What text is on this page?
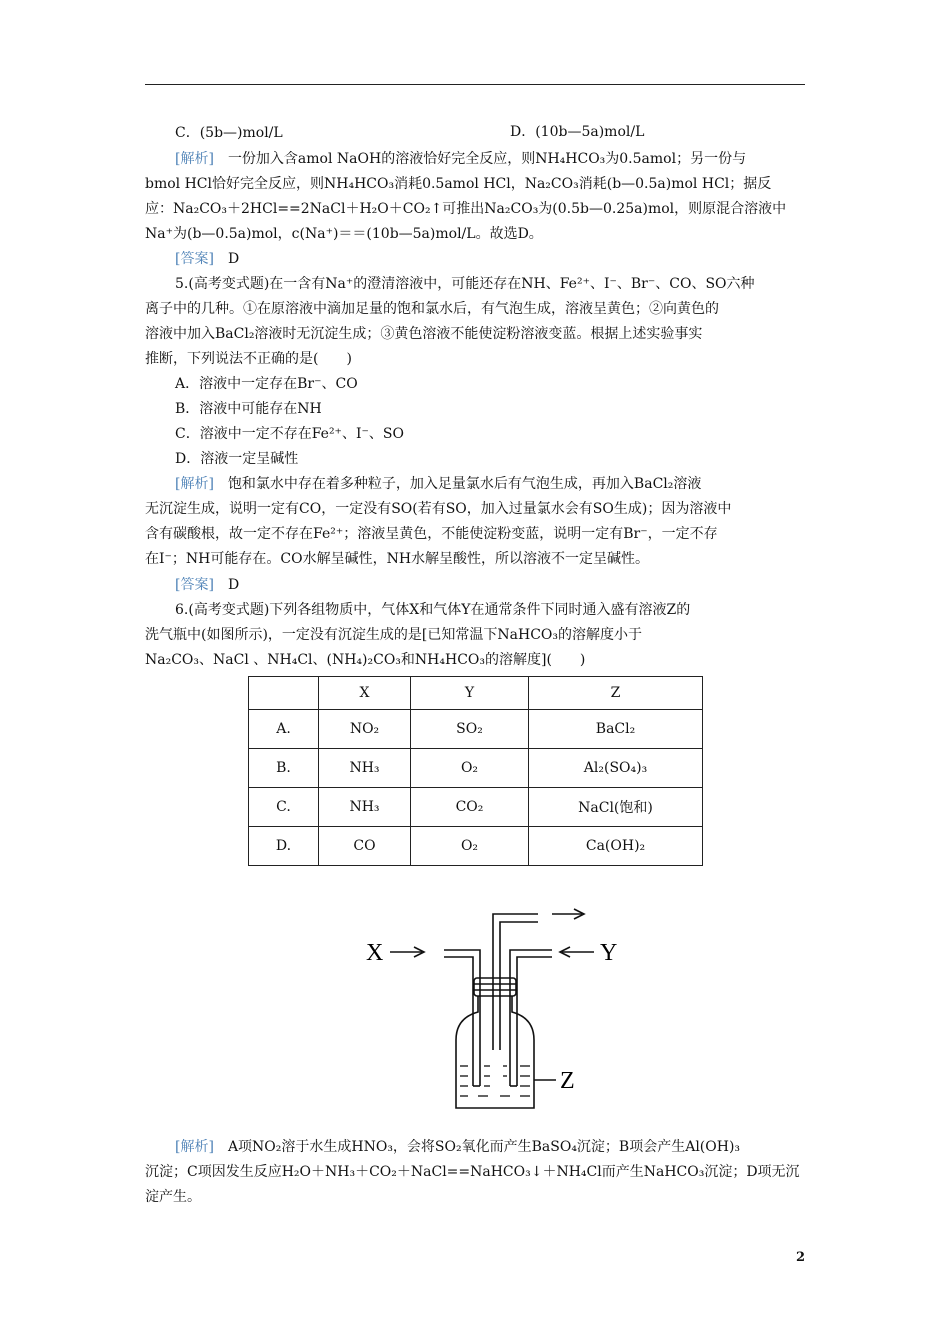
C．(5b—)mol/L	D．(10b—5a)mol/L
[解析]　 一份加入含amol NaOH的溶液恰好完全反应，则NH₄HCO₃为0.5amol；另一份与
bmol HCl恰好完全反应，则NH₄HCO₃消耗0.5amol HCl，Na₂CO₃消耗(b—0.5a)mol HCl；据反
应：Na₂CO₃＋2HCl==2NaCl＋H₂O＋CO₂↑可推出Na₂CO₃为(0.5b—0.25a)mol，则原混合溶液中
Na⁺为(b—0.5a)mol，c(Na⁺)＝＝(10b—5a)mol/L。故选D。
[答案]　 D
5.(高考变式题)在一含有Na⁺的澄清溶液中，可能还存在NH、Fe²⁺、I⁻、Br⁻、CO、SO六种
离子中的几种。①在原溶液中滴加足量的饱和氯水后，有气泡生成，溶液呈黄色；②向黄色的
溶液中加入BaCl₂溶液时无沉淀生成；③黄色溶液不能使淀粉溶液变蓝。根据上述实验事实
推断，下列说法不正确的是(　　)
A．溶液中一定存在Br⁻、CO
B．溶液中可能存在NH
C．溶液中一定不存在Fe²⁺、I⁻、SO
D．溶液一定呈碱性
[解析]　 饱和氯水中存在着多种粒子，加入足量氯水后有气泡生成，再加入BaCl₂溶液
无沉淀生成，说明一定有CO，一定没有SO(若有SO，加入过量氯水会有SO生成)；因为溶液中
含有碳酸根，故一定不存在Fe²⁺；溶液呈黄色，不能使淀粉变蓝，说明一定有Br⁻，一定不存
在I⁻；NH可能存在。CO水解呈碱性，NH水解呈酸性，所以溶液不一定呈碱性。
[答案]　 D
6.(高考变式题)下列各组物质中，气体X和气体Y在通常条件下同时通入盛有溶液Z的
洗气瓶中(如图所示)，一定没有沉淀生成的是[已知常温下NaHCO₃的溶解度小于
Na₂CO₃、NaCl 、NH₄Cl、(NH₄)₂CO₃和NH₄HCO₃的溶解度](　　)
	X	Y	Z
A.	NO₂	SO₂	BaCl₂
B.	NH₃	O₂	Al₂(SO₄)₃
C.	NH₃	CO₂	NaCl(饱和)
D.	CO	O₂	Ca(OH)₂
X	Y
Z
[解析]　 A项NO₂溶于水生成HNO₃，会将SO₂氧化而产生BaSO₄沉淀；B项会产生Al(OH)₃
沉淀；C项因发生反应H₂O＋NH₃＋CO₂＋NaCl==NaHCO₃↓＋NH₄Cl而产生NaHCO₃沉淀；D项无沉
淀产生。
2
